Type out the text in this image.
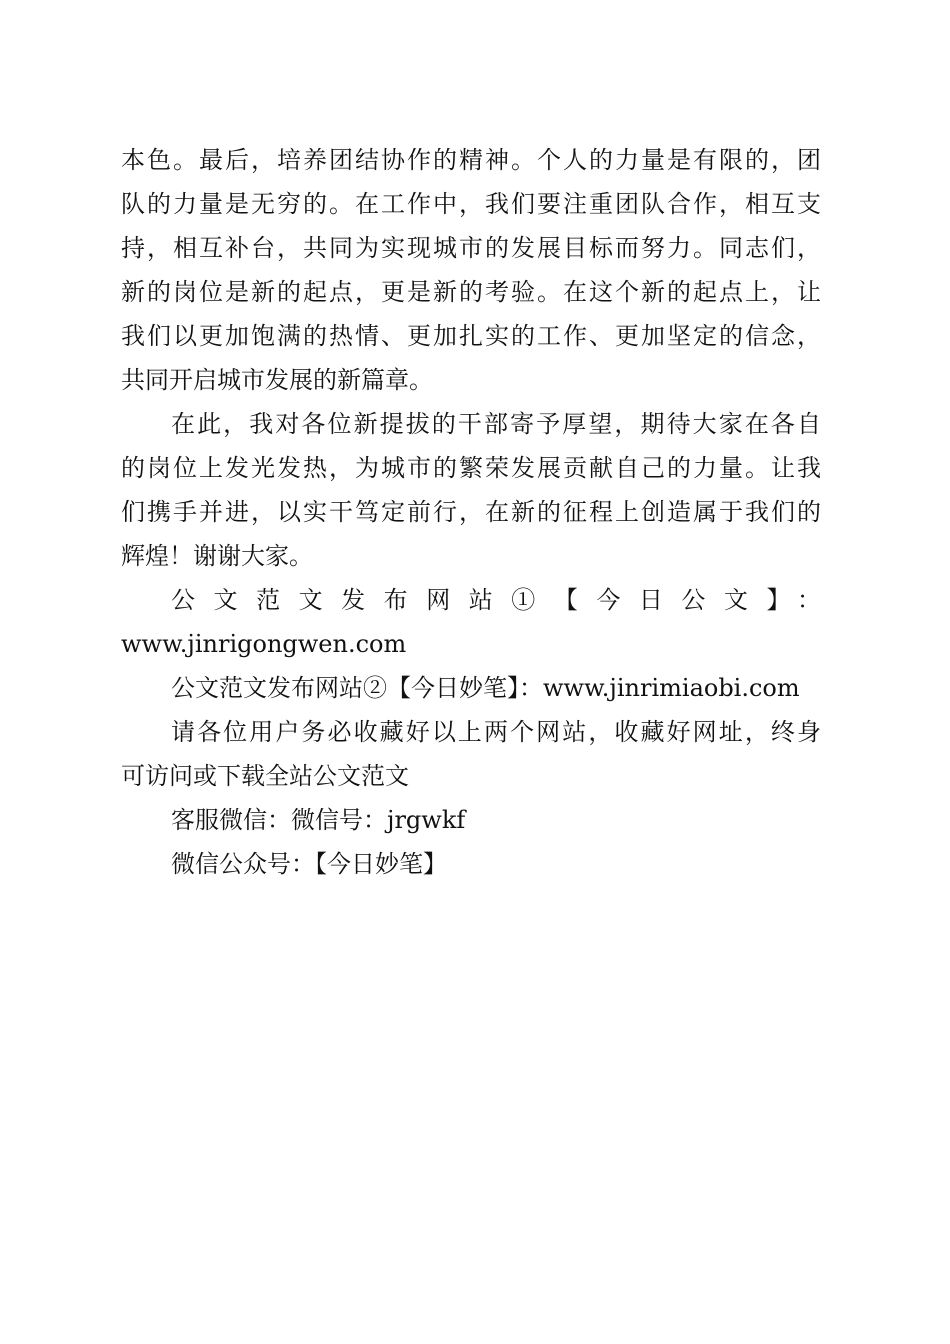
本色。最后，培养团结协作的精神。个人的力量是有限的，团
队的力量是无穷的。在工作中，我们要注重团队合作，相互支
持，相互补台，共同为实现城市的发展目标而努力。同志们，
新的岗位是新的起点，更是新的考验。在这个新的起点上，让
我们以更加饱满的热情、更加扎实的工作、更加坚定的信念，
共同开启城市发展的新篇章。
在此，我对各位新提拔的干部寄予厚望，期待大家在各自
的岗位上发光发热，为城市的繁荣发展贡献自己的力量。让我
们携手并进，以实干笃定前行，在新的征程上创造属于我们的
辉煌！谢谢大家。
公文范文发布网站①【今日公文】：
www.jinrigongwen.com
公文范文发布网站②【今日妙笔】：www.jinrimiaobi.com
请各位用户务必收藏好以上两个网站，收藏好网址，终身
可访问或下载全站公文范文
客服微信：微信号：jrgwkf
微信公众号：【今日妙笔】
